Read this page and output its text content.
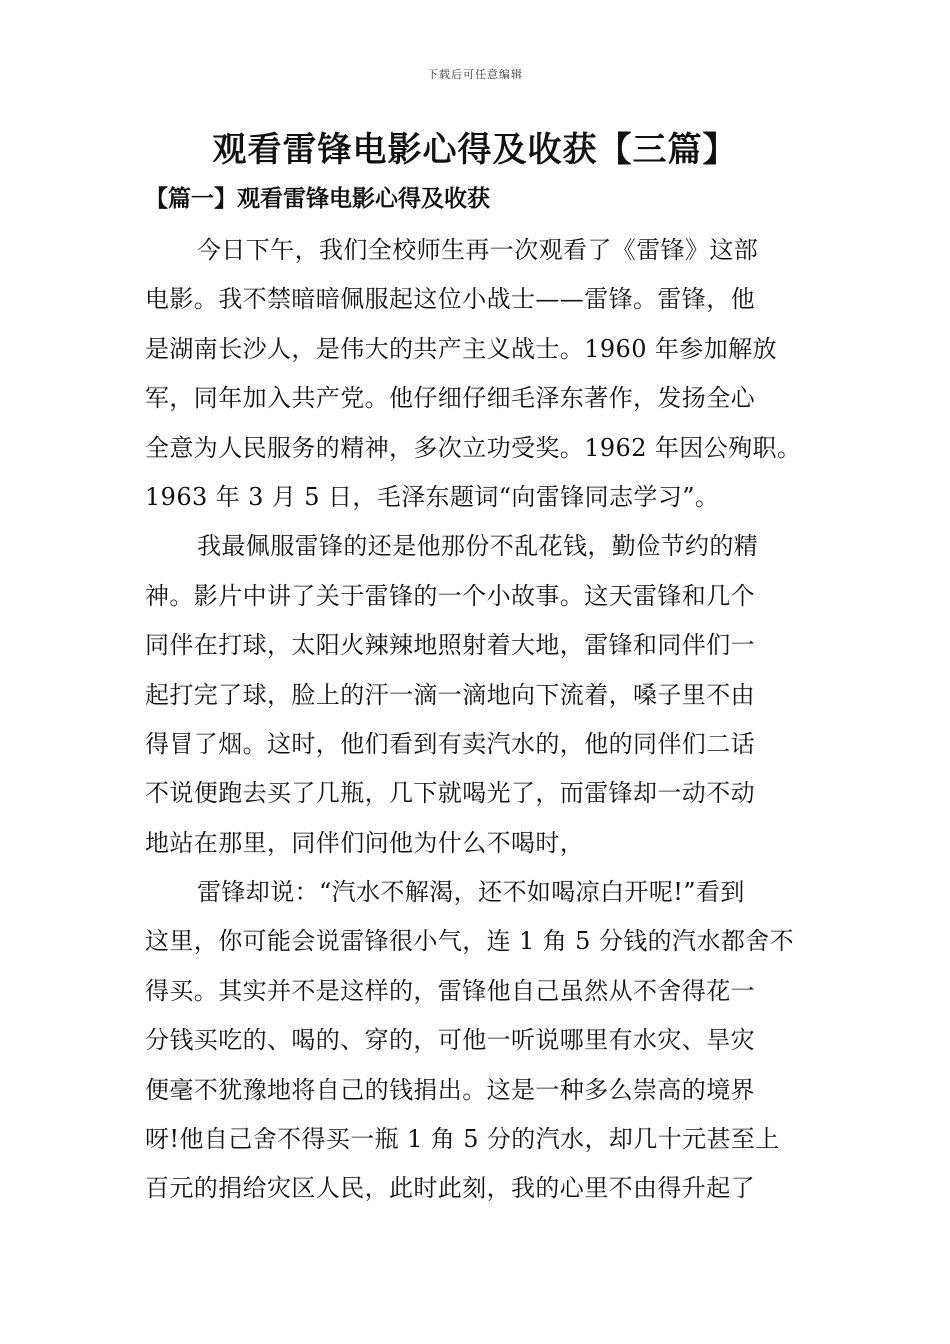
下载后可任意编辑
观看雷锋电影心得及收获【三篇】
【篇一】观看雷锋电影心得及收获
今日下午，我们全校师生再一次观看了《雷锋》这部
电影。我不禁暗暗佩服起这位小战士——雷锋。雷锋，他
是湖南长沙人，是伟大的共产主义战士。1960 年参加解放
军，同年加入共产党。他仔细仔细毛泽东著作，发扬全心
全意为人民服务的精神，多次立功受奖。1962 年因公殉职。
1963 年 3 月 5 日，毛泽东题词“向雷锋同志学习”。
我最佩服雷锋的还是他那份不乱花钱，勤俭节约的精
神。影片中讲了关于雷锋的一个小故事。这天雷锋和几个
同伴在打球，太阳火辣辣地照射着大地，雷锋和同伴们一
起打完了球，脸上的汗一滴一滴地向下流着，嗓子里不由
得冒了烟。这时，他们看到有卖汽水的，他的同伴们二话
不说便跑去买了几瓶，几下就喝光了，而雷锋却一动不动
地站在那里，同伴们问他为什么不喝时，
雷锋却说：“汽水不解渴，还不如喝凉白开呢!”看到
这里，你可能会说雷锋很小气，连 1 角 5 分钱的汽水都舍不
得买。其实并不是这样的，雷锋他自己虽然从不舍得花一
分钱买吃的、喝的、穿的，可他一听说哪里有水灾、旱灾
便毫不犹豫地将自己的钱捐出。这是一种多么崇高的境界
呀!他自己舍不得买一瓶 1 角 5 分的汽水，却几十元甚至上
百元的捐给灾区人民，此时此刻，我的心里不由得升起了
